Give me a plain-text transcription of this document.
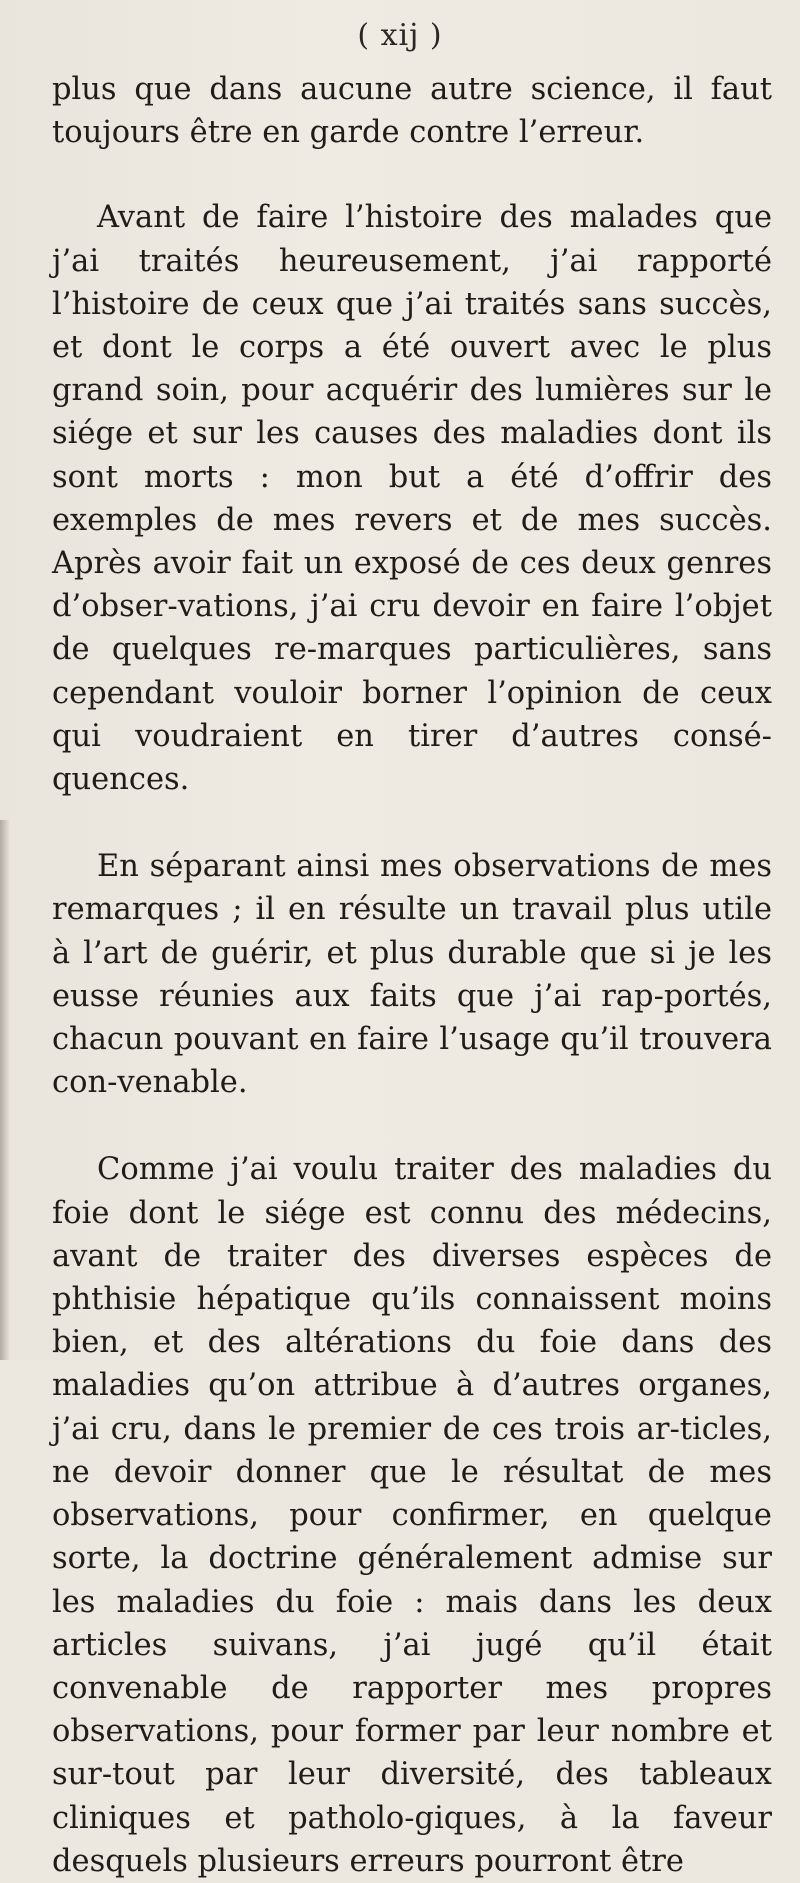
( xij )

plus que dans aucune autre science, il faut toujours être en garde contre l’erreur.

Avant de faire l’histoire des malades que j’ai traités heureusement, j’ai rapporté l’histoire de ceux que j’ai traités sans succès, et dont le corps a été ouvert avec le plus grand soin, pour acquérir des lumières sur le siége et sur les causes des maladies dont ils sont morts : mon but a été d’offrir des exemples de mes revers et de mes succès. Après avoir fait un exposé de ces deux genres d’obser-vations, j’ai cru devoir en faire l’objet de quelques re-marques particulières, sans cependant vouloir borner l’opinion de ceux qui voudraient en tirer d’autres consé-quences.

En séparant ainsi mes observations de mes remarques ; il en résulte un travail plus utile à l’art de guérir, et plus durable que si je les eusse réunies aux faits que j’ai rap-portés, chacun pouvant en faire l’usage qu’il trouvera con-venable.

Comme j’ai voulu traiter des maladies du foie dont le siége est connu des médecins, avant de traiter des diverses espèces de phthisie hépatique qu’ils connaissent moins bien, et des altérations du foie dans des maladies qu’on attribue à d’autres organes, j’ai cru, dans le premier de ces trois ar-ticles, ne devoir donner que le résultat de mes observations, pour confirmer, en quelque sorte, la doctrine généralement admise sur les maladies du foie : mais dans les deux articles suivans, j’ai jugé qu’il était convenable de rapporter mes propres observations, pour former par leur nombre et sur-tout par leur diversité, des tableaux cliniques et patholo-giques, à la faveur desquels plusieurs erreurs pourront être
